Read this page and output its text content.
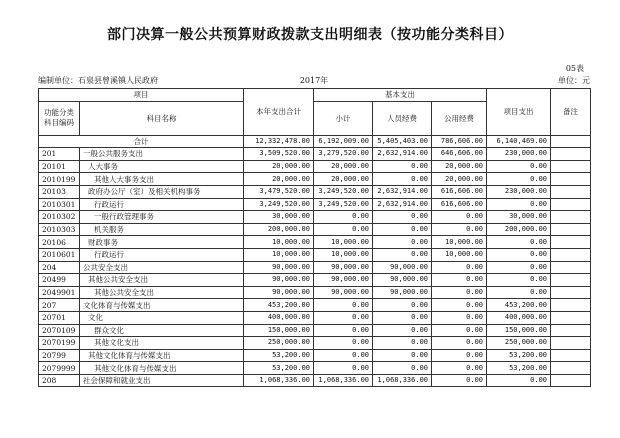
部门决算一般公共预算财政拨款支出明细表（按功能分类科目）
05表
编制单位：石泉县曾溪镇人民政府	2017年	单位：元
项目		本年支出合计	基本支出			项目支出	备注
功能分类科目编码	科目名称		小计	人员经费	公用经费		

合计		12,332,478.00	6,192,009.00	5,405,403.00	786,606.00	6,140,469.00	
201	一般公共服务支出	3,509,520.00	3,279,520.00	2,632,914.00	646,606.00	230,000.00	
20101	人大事务	20,000.00	20,000.00	0.00	20,000.00	0.00	
2010199	其他人大事务支出	20,000.00	20,000.00	0.00	20,000.00	0.00	
20103	政府办公厅（室）及相关机构事务	3,479,520.00	3,249,520.00	2,632,914.00	616,606.00	230,000.00	
2010301	行政运行	3,249,520.00	3,249,520.00	2,632,914.00	616,606.00	0.00	
2010302	一般行政管理事务	30,000.00	0.00	0.00	0.00	30,000.00	
2010303	机关服务	200,000.00	0.00	0.00	0.00	200,000.00	
20106	财政事务	10,000.00	10,000.00	0.00	10,000.00	0.00	
2010601	行政运行	10,000.00	10,000.00	0.00	10,000.00	0.00	
204	公共安全支出	90,000.00	90,000.00	90,000.00	0.00	0.00	
20499	其他公共安全支出	90,000.00	90,000.00	90,000.00	0.00	0.00	
2049901	其他公共安全支出	90,000.00	90,000.00	90,000.00	0.00	0.00	
207	文化体育与传媒支出	453,200.00	0.00	0.00	0.00	453,200.00	
20701	文化	400,000.00	0.00	0.00	0.00	400,000.00	
2070109	群众文化	150,000.00	0.00	0.00	0.00	150,000.00	
2070199	其他文化支出	250,000.00	0.00	0.00	0.00	250,000.00	
20799	其他文化体育与传媒支出	53,200.00	0.00	0.00	0.00	53,200.00	
2079999	其他文化体育与传媒支出	53,200.00	0.00	0.00	0.00	53,200.00	
208	社会保障和就业支出	1,068,336.00	1,068,336.00	1,068,336.00	0.00	0.00	
